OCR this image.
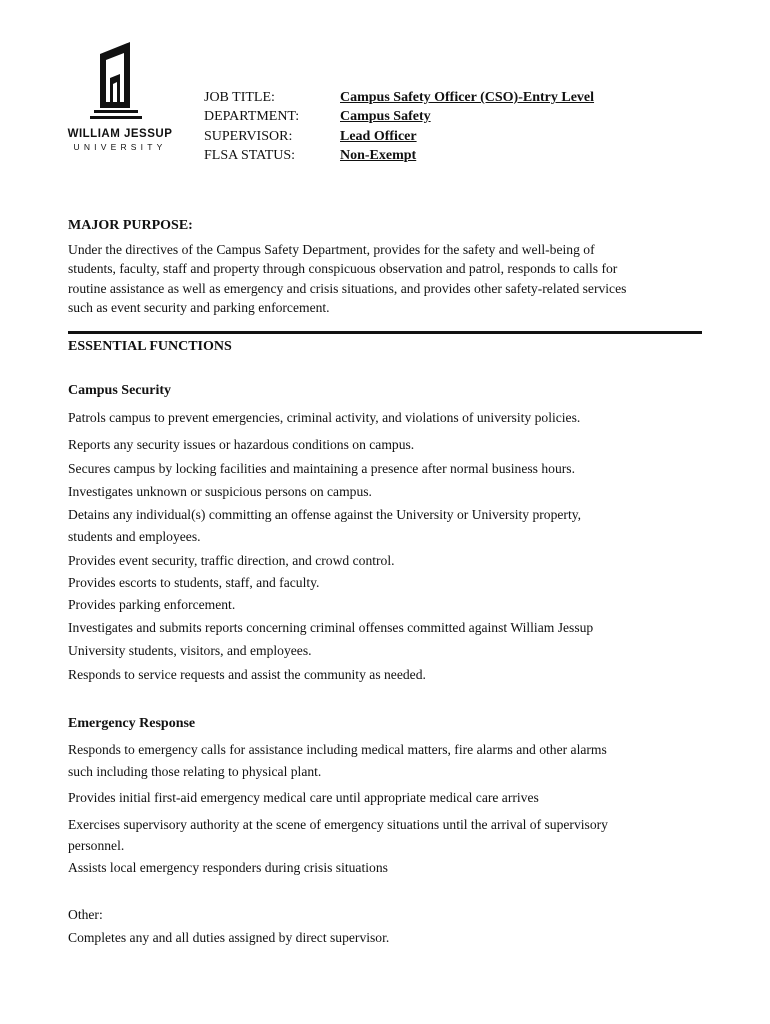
WILLIAM JESSUP
UNIVERSITY
JOB TITLE:	Campus Safety Officer (CSO)-Entry Level
DEPARTMENT:	Campus Safety
SUPERVISOR:	Lead Officer
FLSA STATUS:	Non-Exempt
MAJOR PURPOSE:
Under the directives of the Campus Safety Department, provides for the safety and well-being of
students, faculty, staff and property through conspicuous observation and patrol, responds to calls for
routine assistance as well as emergency and crisis situations, and provides other safety-related services
such as event security and parking enforcement.
ESSENTIAL FUNCTIONS
Campus Security
Patrols campus to prevent emergencies, criminal activity, and violations of university policies.
Reports any security issues or hazardous conditions on campus.
Secures campus by locking facilities and maintaining a presence after normal business hours.
Investigates unknown or suspicious persons on campus.
Detains any individual(s) committing an offense against the University or University property,
students and employees.
Provides event security, traffic direction, and crowd control.
Provides escorts to students, staff, and faculty.
Provides parking enforcement.
Investigates and submits reports concerning criminal offenses committed against William Jessup
University students, visitors, and employees.
Responds to service requests and assist the community as needed.
Emergency Response
Responds to emergency calls for assistance including medical matters, fire alarms and other alarms
such including those relating to physical plant.
Provides initial first-aid emergency medical care until appropriate medical care arrives
Exercises supervisory authority at the scene of emergency situations until the arrival of supervisory
personnel.
Assists local emergency responders during crisis situations
Other:
Completes any and all duties assigned by direct supervisor.
